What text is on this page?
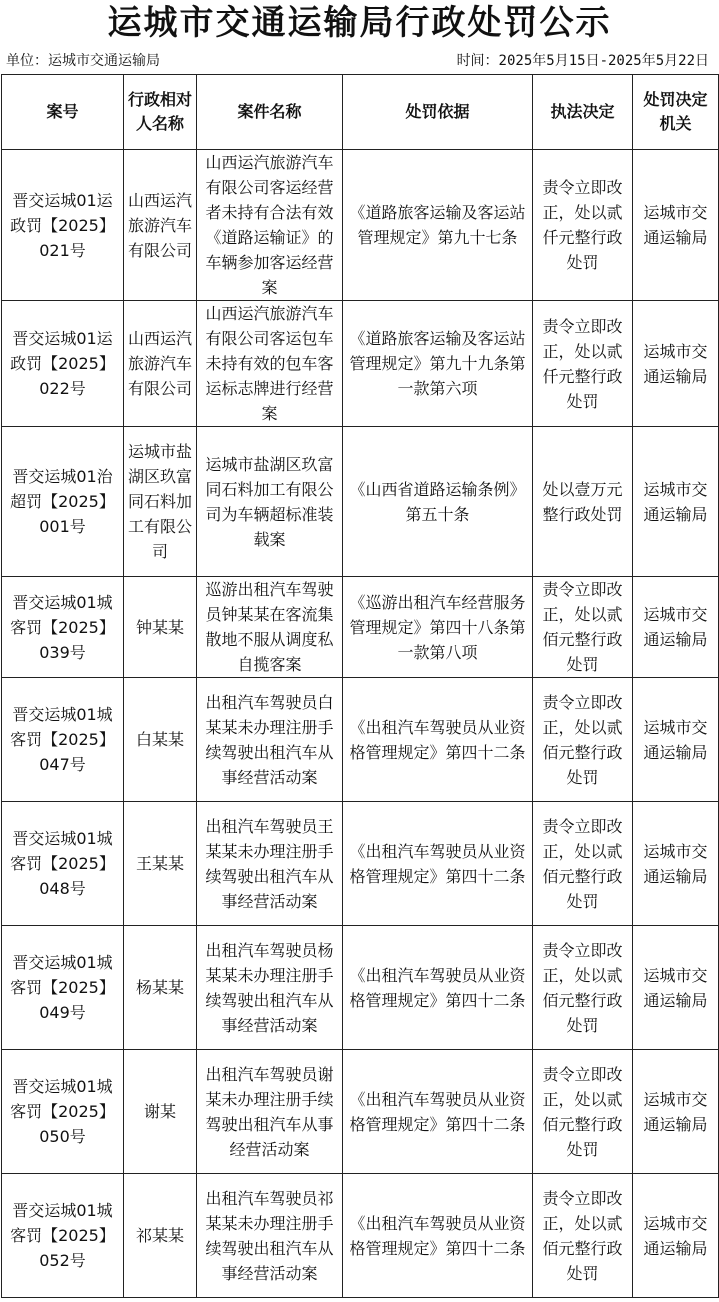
运城市交通运输局行政处罚公示
单位：运城市交通运输局	时间：2025年5月15日-2025年5月22日
案号	行政相对人名称	案件名称	处罚依据	执法决定	处罚决定机关
晋交运城01运政罚【2025】021号	山西运汽旅游汽车有限公司	山西运汽旅游汽车有限公司客运经营者未持有合法有效《道路运输证》的车辆参加客运经营案	《道路旅客运输及客运站管理规定》第九十七条	责令立即改正，处以贰仟元整行政处罚	运城市交通运输局
晋交运城01运政罚【2025】022号	山西运汽旅游汽车有限公司	山西运汽旅游汽车有限公司客运包车未持有效的包车客运标志牌进行经营案	《道路旅客运输及客运站管理规定》第九十九条第一款第六项	责令立即改正，处以贰仟元整行政处罚	运城市交通运输局
晋交运城01治超罚【2025】001号	运城市盐湖区玖富同石料加工有限公司	运城市盐湖区玖富同石料加工有限公司为车辆超标准装载案	《山西省道路运输条例》第五十条	处以壹万元整行政处罚	运城市交通运输局
晋交运城01城客罚【2025】039号	钟某某	巡游出租汽车驾驶员钟某某在客流集散地不服从调度私自揽客案	《巡游出租汽车经营服务管理规定》第四十八条第一款第八项	责令立即改正，处以贰佰元整行政处罚	运城市交通运输局
晋交运城01城客罚【2025】047号	白某某	出租汽车驾驶员白某某未办理注册手续驾驶出租汽车从事经营活动案	《出租汽车驾驶员从业资格管理规定》第四十二条	责令立即改正，处以贰佰元整行政处罚	运城市交通运输局
晋交运城01城客罚【2025】048号	王某某	出租汽车驾驶员王某某未办理注册手续驾驶出租汽车从事经营活动案	《出租汽车驾驶员从业资格管理规定》第四十二条	责令立即改正，处以贰佰元整行政处罚	运城市交通运输局
晋交运城01城客罚【2025】049号	杨某某	出租汽车驾驶员杨某某未办理注册手续驾驶出租汽车从事经营活动案	《出租汽车驾驶员从业资格管理规定》第四十二条	责令立即改正，处以贰佰元整行政处罚	运城市交通运输局
晋交运城01城客罚【2025】050号	谢某	出租汽车驾驶员谢某未办理注册手续驾驶出租汽车从事经营活动案	《出租汽车驾驶员从业资格管理规定》第四十二条	责令立即改正，处以贰佰元整行政处罚	运城市交通运输局
晋交运城01城客罚【2025】052号	祁某某	出租汽车驾驶员祁某某未办理注册手续驾驶出租汽车从事经营活动案	《出租汽车驾驶员从业资格管理规定》第四十二条	责令立即改正，处以贰佰元整行政处罚	运城市交通运输局
